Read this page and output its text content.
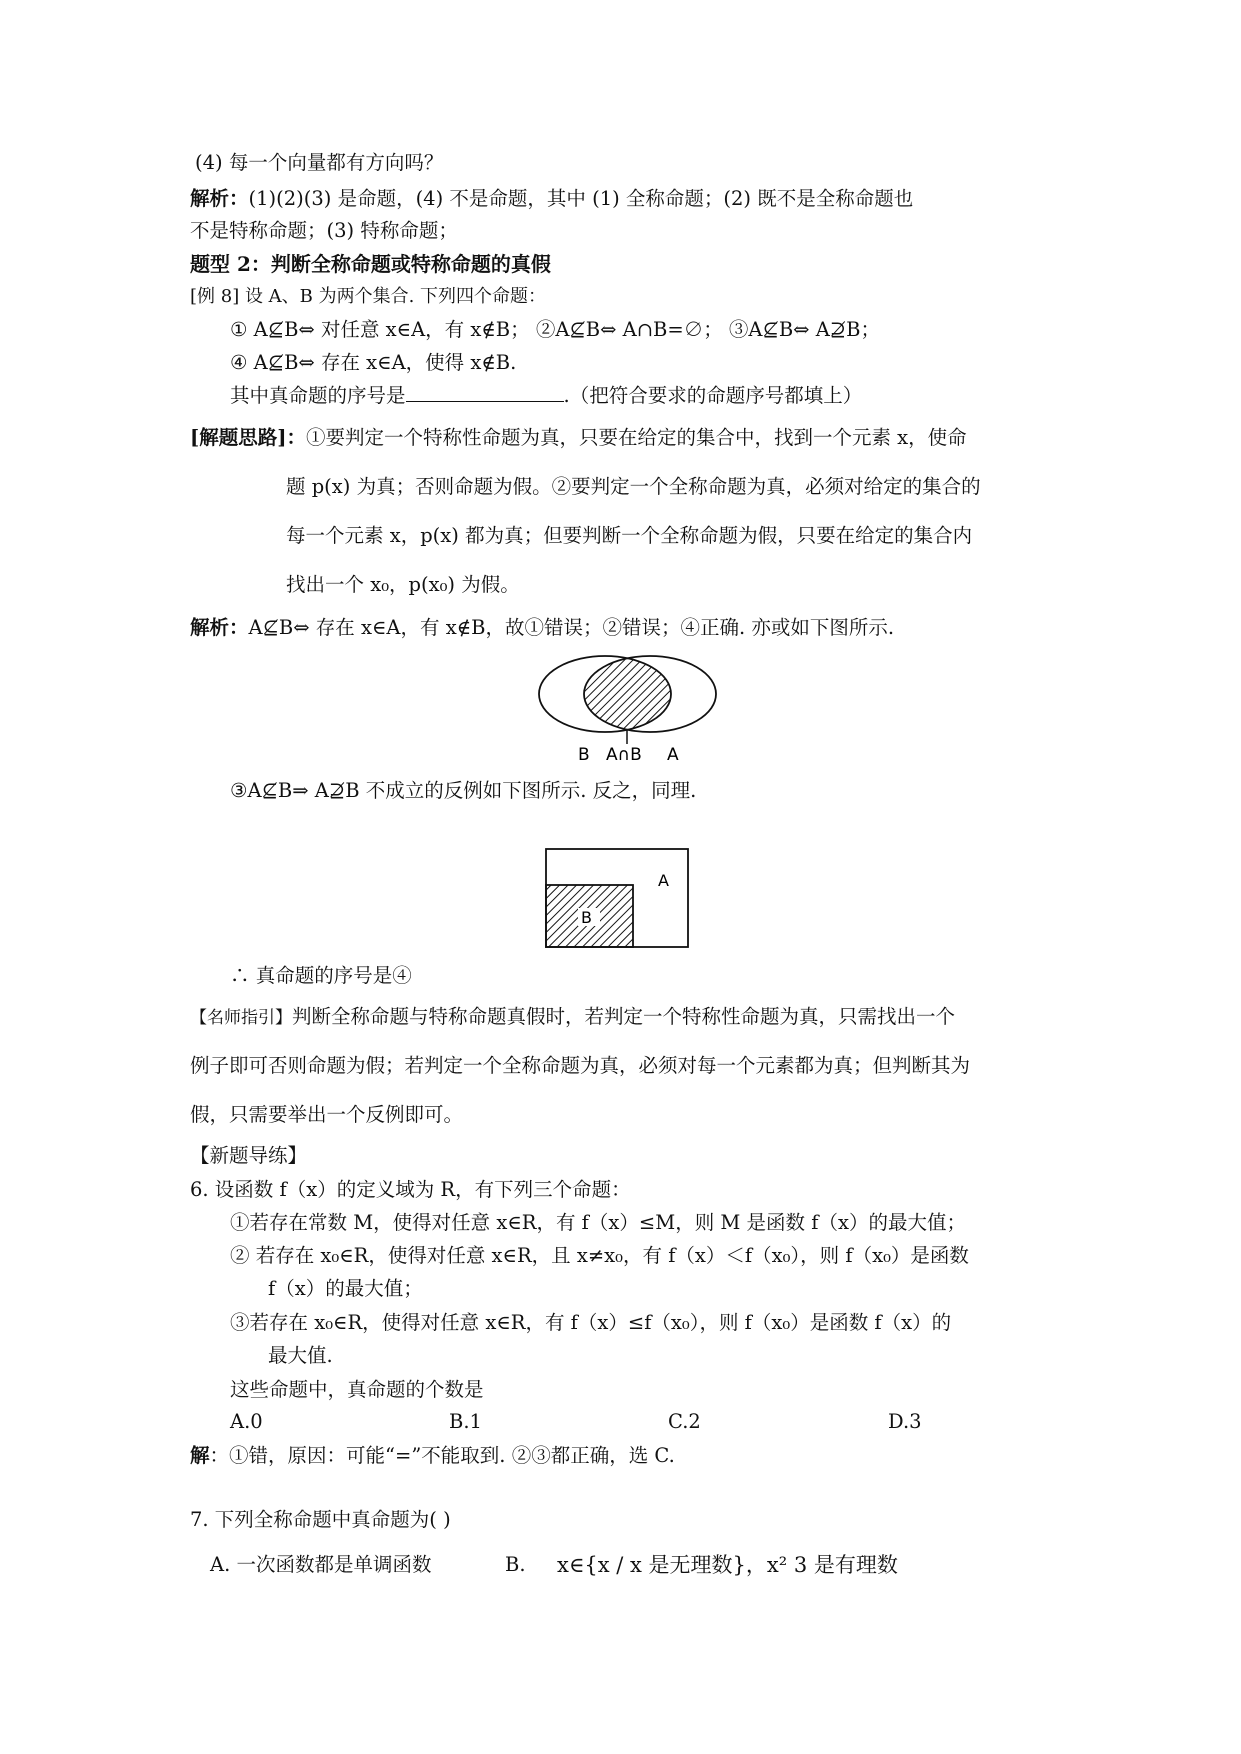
(4) 每一个向量都有方向吗？
解析：(1)(2)(3) 是命题，(4) 不是命题，其中 (1) 全称命题；(2) 既不是全称命题也
不是特称命题；(3) 特称命题；
题型 2：判断全称命题或特称命题的真假
[例 8] 设 A、B 为两个集合. 下列四个命题：
① A⊈B⇔ 对任意 x∈A，有 x∉B； ②A⊈B⇔ A∩B=∅； ③A⊈B⇔ A⊉B；
④ A⊈B⇔ 存在 x∈A，使得 x∉B.
其中真命题的序号是	.（把符合要求的命题序号都填上）
[解题思路]：①要判定一个特称性命题为真，只要在给定的集合中，找到一个元素 x，使命
题 p(x) 为真；否则命题为假。②要判定一个全称命题为真，必须对给定的集合的
每一个元素 x，p(x) 都为真；但要判断一个全称命题为假，只要在给定的集合内
找出一个 x₀，p(x₀) 为假。
解析：A⊈B⇔ 存在 x∈A，有 x∉B，故①错误；②错误；④正确. 亦或如下图所示.
B A∩B A
③A⊈B⇒ A⊉B 不成立的反例如下图所示. 反之，同理.
B
A
∴ 真命题的序号是④
【名师指引】判断全称命题与特称命题真假时，若判定一个特称性命题为真，只需找出一个
例子即可否则命题为假；若判定一个全称命题为真，必须对每一个元素都为真；但判断其为
假，只需要举出一个反例即可。
【新题导练】
6. 设函数 f（x）的定义域为 R，有下列三个命题：
①若存在常数 M，使得对任意 x∈R，有 f（x）≤M，则 M 是函数 f（x）的最大值；
② 若存在 x₀∈R，使得对任意 x∈R，且 x≠x₀，有 f（x）＜f（x₀），则 f（x₀）是函数
f（x）的最大值；
③若存在 x₀∈R，使得对任意 x∈R，有 f（x）≤f（x₀），则 f（x₀）是函数 f（x）的
最大值.
这些命题中，真命题的个数是
A.0	B.1	C.2	D.3
解：①错，原因：可能“=”不能取到. ②③都正确，选 C.
7. 下列全称命题中真命题为( )
A. 一次函数都是单调函数	B. x∈{x / x 是无理数}，x² 3 是有理数
